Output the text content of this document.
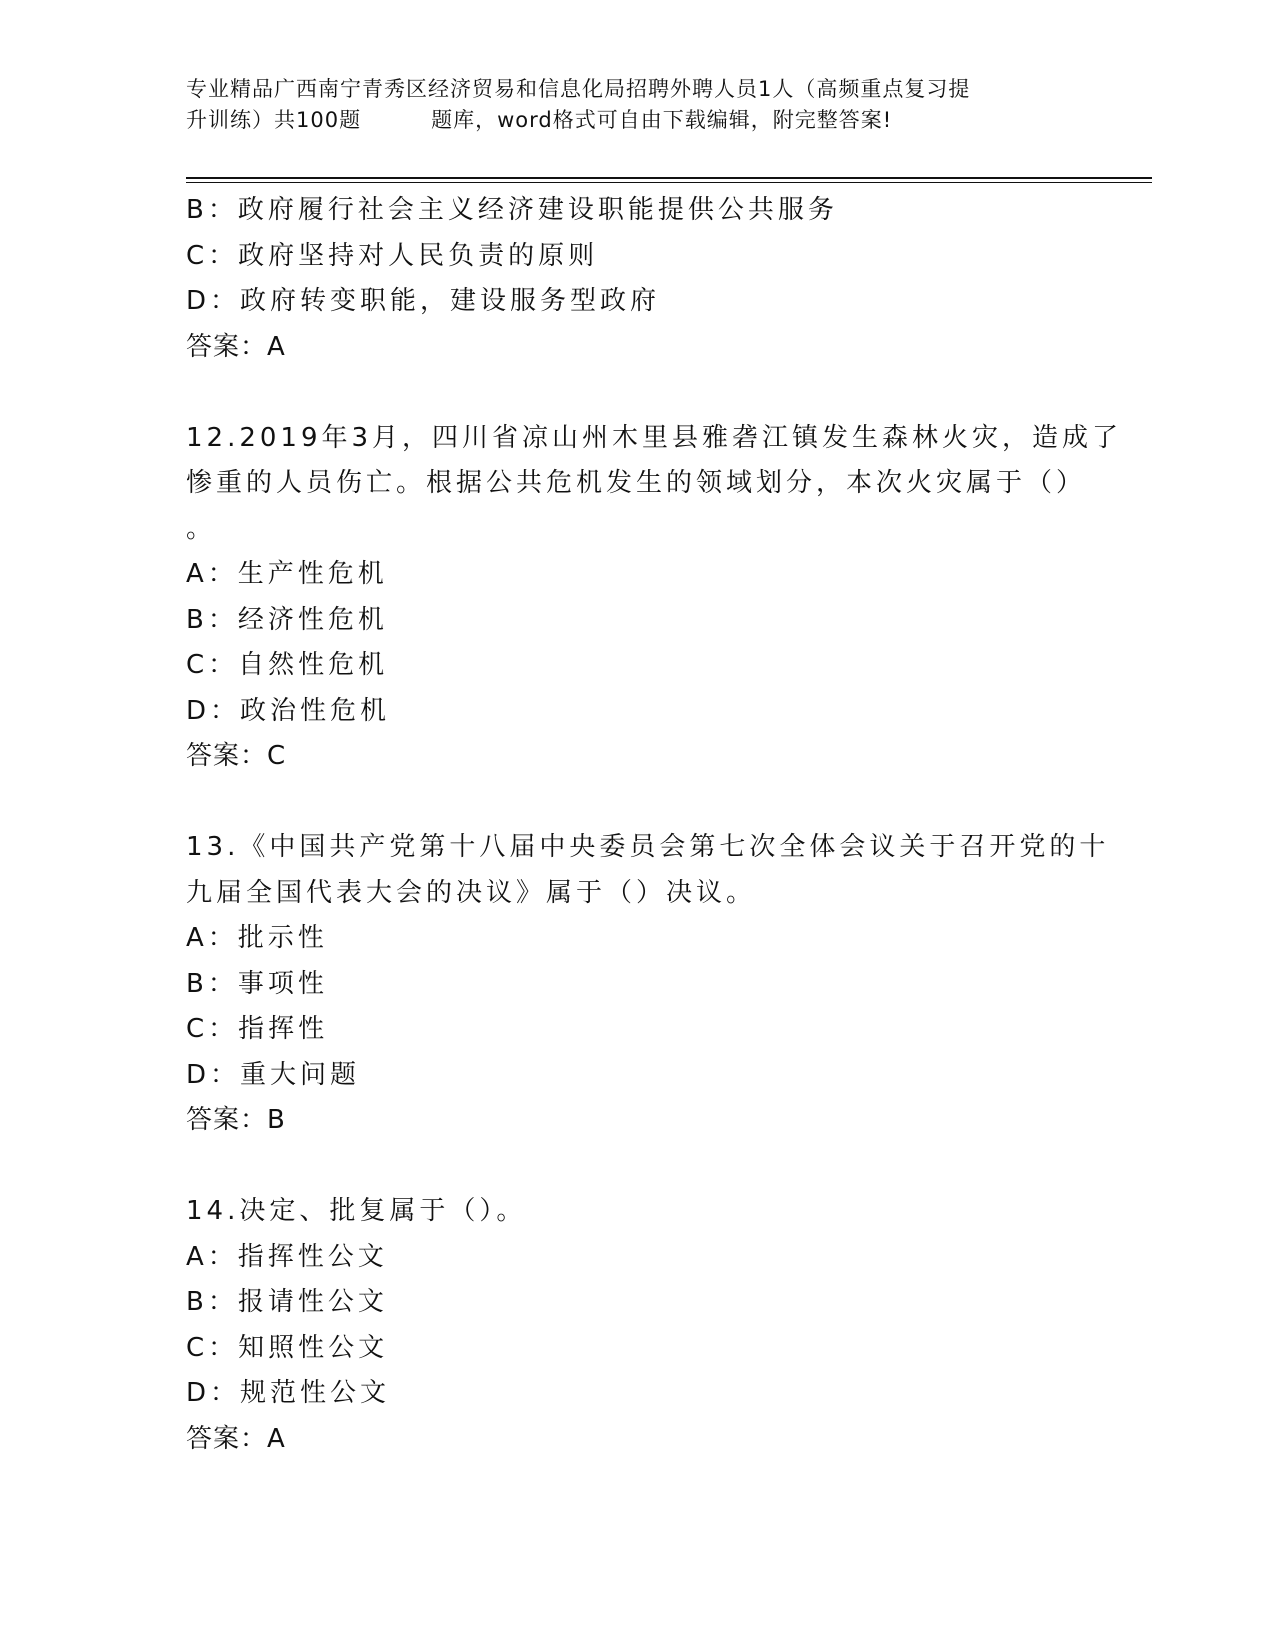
专业精品广西南宁青秀区经济贸易和信息化局招聘外聘人员1人（高频重点复习提
升训练）共100题	题库，word格式可自由下载编辑，附完整答案!
B：政府履行社会主义经济建设职能提供公共服务
C：政府坚持对人民负责的原则
D：政府转变职能，建设服务型政府
答案：A
12.2019年3月，四川省凉山州木里县雅砻江镇发生森林火灾，造成了
惨重的人员伤亡。根据公共危机发生的领域划分，本次火灾属于（）
。
A：生产性危机
B：经济性危机
C：自然性危机
D：政治性危机
答案：C
13.《中国共产党第十八届中央委员会第七次全体会议关于召开党的十
九届全国代表大会的决议》属于（）决议。
A：批示性
B：事项性
C：指挥性
D：重大问题
答案：B
14.决定、批复属于（）。
A：指挥性公文
B：报请性公文
C：知照性公文
D：规范性公文
答案：A
